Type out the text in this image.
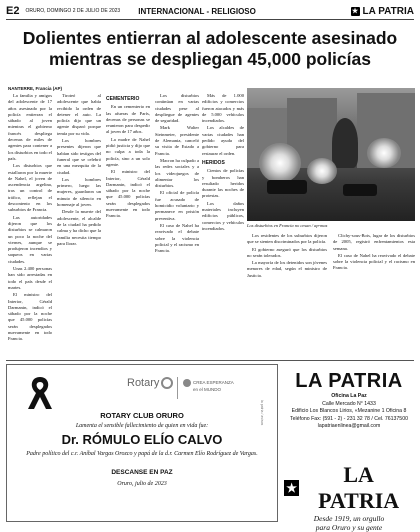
E2 ORURO, DOMINGO 2 DE JULIO DE 2023 INTERNACIONAL - RELIGIOSO	★ LA PATRIA
Dolientes entierran al adolescente asesinado
mientras se despliegan 45,000 policías
NANTERRE, Francia (AP)

La familia y amigos del adolescente de 17 años asesinado por la policía entierran el sábado al joven mientras el gobierno francés despliega decenas de miles de agentes para contener a los disturbios en todo el país.

Los disturbios que estallaron por la muerte de Nahel, el joven de ascendencia argelina, tras un control de tráfico, reflejan el descontento en los suburbios de Francia.

Las autoridades dijeron que los disturbios se calmaron un poco la noche del viernes, aunque se produjeron incendios y saqueos en varias ciudades.

Unas 2.400 personas han sido arrestadas en todo el país desde el martes.

El ministro del Interior, Gérald Darmanin, indicó el sábado por la noche que 45.000 policías serán desplegados nuevamente en todo Francia.

Tiroteó al adolescente que había recibido la orden de detener el auto. La policía dijo que un agente disparó porque temía por su vida.

Los hombres presentes dijeron que habían sido testigos del funeral que se celebró en una mezquita de la ciudad.

Los hombres primero, luego las mujeres, guardaron un minuto de silencio en homenaje al joven.

Desde la muerte del adolescente, el alcalde de la ciudad ha pedido calma y ha dicho que la familia necesita tiempo para llorar.

CEMENTERIO

En un cementerio en las afueras de París, decenas de personas se reunieron para despedir al joven de 17 años.

La madre de Nahel pidió justicia y dijo que no culpa a toda la policía, sino a un solo agente.

El ministro del Interior, Gérald Darmanin, indicó el sábado por la noche que 45.000 policías serán desplegados nuevamente en todo Francia.

Los disturbios continúan en varias ciudades pese al despliegue de agentes de seguridad.

Mark Walter Steinmeier, presidente de Alemania, canceló su visita de Estado a Francia.

Macron ha culpado a las redes sociales y a los videojuegos de alimentar los disturbios.

El oficial de policía fue acusado de homicidio voluntario y permanece en prisión preventiva.

El caso de Nahel ha reavivado el debate sobre la violencia policial y el racismo en Francia.

Más de 1.000 edificios y comercios fueron atacados y más de 5.000 vehículos incendiados.

Los alcaldes de varias ciudades han pedido ayuda del gobierno para restaurar el orden.

HERIDOS

Cientos de policías y bomberos han resultado heridos durante las noches de protestas.

Los daños materiales incluyen edificios públicos, comercios y vehículos incendiados.

Los disturbios en Francia no cesan / ap-mas

Los residentes de los suburbios dijeron que se sienten discriminados por la policía.

El gobierno aseguró que los disturbios no serán tolerados.

La mayoría de los detenidos son jóvenes menores de edad, según el ministro de Justicia.

Clichy-sous-Bois, lugar de los disturbios de 2005, registró enfrentamientos esta semana.

El caso de Nahel ha reavivado el debate sobre la violencia policial y el racismo en Francia.

Rotary	CREA ESPERANZA
en el MUNDO
ROTARY CLUB ORURO
Lamenta el sensible fallecimiento de quien en vida fue:
Dr. RÓMULO ELÍO CALVO
Padre político del c.r. Aníbal Vargas Orozco y papá de la d.r. Carmen Elío Rodríguez de Vargas.
DESCANSE EN PAZ
Oruro, julio de 2023
la patria / avisos
LA PATRIA
Oficina La Paz
Calle Mercado N° 1433
Edificio Los Blancos Lirios, «Mezanine 1 Oficina 8
Teléfono Fax: (591 - 2) - 231 32 78 / Cel. 76137500
lapatriaenlinea@gmail.com
★
LA PATRIA
Desde 1919, un orgullo
para Oruro y su gente
